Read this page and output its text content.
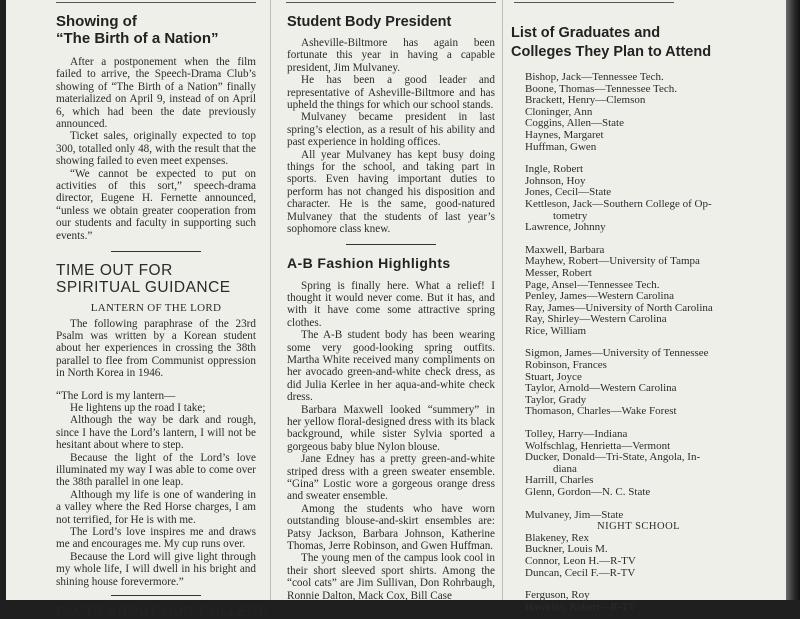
Showing of
“The Birth of a Nation”

After a postponement when the film failed to arrive, the Speech-Drama Club’s showing of “The Birth of a Nation” finally materialized on April 9, instead of on April 6, which had been the date previously announced.

Ticket sales, originally expected to top 300, totalled only 48, with the result that the showing failed to even meet expenses.

“We cannot be expected to put on activities of this sort,” speech-drama director, Eugene H. Fernette announced, “unless we obtain greater cooperation from our students and faculty in supporting such events.”

TIME OUT FOR
SPIRITUAL GUIDANCE
LANTERN OF THE LORD

The following paraphrase of the 23rd Psalm was written by a Korean student about her experiences in crossing the 38th parallel to flee from Communist oppression in North Korea in 1946.

“The Lord is my lantern—
He lightens up the road I take;

Although the way be dark and rough, since I have the Lord’s lantern, I will not be hesitant about where to step.

Because the light of the Lord’s love illuminated my way I was able to come over the 38th parallel in one leap.

Although my life is one of wandering in a valley where the Red Horse charges, I am not terrified, for He is with me.

The Lord’s love inspires me and draws me and encourages me. My cup runs over.

Because the Lord will give light through my whole life, I will dwell in his bright and shining house forevermore.”

FACTS ABOUT OUR COLLEGE
Student Body President

Asheville-Biltmore has again been fortunate this year in having a capable president, Jim Mulvaney.

He has been a good leader and representative of Asheville-Biltmore and has upheld the things for which our school stands.

Mulvaney became president in last spring’s election, as a result of his ability and past experience in holding offices.

All year Mulvaney has kept busy doing things for the school, and taking part in sports. Even having important duties to perform has not changed his disposition and character. He is the same, good-natured Mulvaney that the students of last year’s sophomore class knew.

A-B Fashion Highlights

Spring is finally here. What a relief! I thought it would never come. But it has, and with it have come some attractive spring clothes.

The A-B student body has been wearing some very good-looking spring outfits. Martha White received many compliments on her avocado green-and-white check dress, as did Julia Kerlee in her aqua-and-white check dress.

Barbara Maxwell looked “summery” in her yellow floral-designed dress with its black background, while sister Sylvia sported a gorgeous baby blue Nylon blouse.

Jane Edney has a pretty green-and-white striped dress with a green sweater ensemble. “Gina” Lostic wore a gorgeous orange dress and sweater ensemble.

Among the students who have worn outstanding blouse-and-skirt ensembles are: Patsy Jackson, Barbara Johnson, Katherine Thomas, Jerre Robinson, and Gwen Huffman.

The young men of the campus look cool in their short sleeved sport shirts. Among the “cool cats” are Jim Sullivan, Don Rohrbaugh, Ronnie Dalton, Mack Cox, Bill Case

List of Graduates and
Colleges They Plan to Attend
Bishop, Jack—Tennessee Tech.
Boone, Thomas—Tennessee Tech.
Brackett, Henry—Clemson
Cloninger, Ann
Coggins, Allen—State
Haynes, Margaret
Huffman, Gwen
Ingle, Robert
Johnson, Hoy
Jones, Cecil—State
Kettleson, Jack—Southern College of Op-
tometry
Lawrence, Johnny
Maxwell, Barbara
Mayhew, Robert—University of Tampa
Messer, Robert
Page, Ansel—Tennessee Tech.
Penley, James—Western Carolina
Ray, James—University of North Carolina
Ray, Shirley—Western Carolina
Rice, William
Sigmon, James—University of Tennessee
Robinson, Frances
Stuart, Joyce
Taylor, Arnold—Western Carolina
Taylor, Grady
Thomason, Charles—Wake Forest
Tolley, Harry—Indiana
Wolfschlag, Henrietta—Vermont
Ducker, Donald—Tri-State, Angola, In-
diana
Harrill, Charles
Glenn, Gordon—N. C. State
Mulvaney, Jim—State
NIGHT SCHOOL
Blakeney, Rex
Buckner, Louis M.
Connor, Leon H.—R-TV
Duncan, Cecil F.—R-TV
Ferguson, Roy
Hawkins, Robert—R-TV
